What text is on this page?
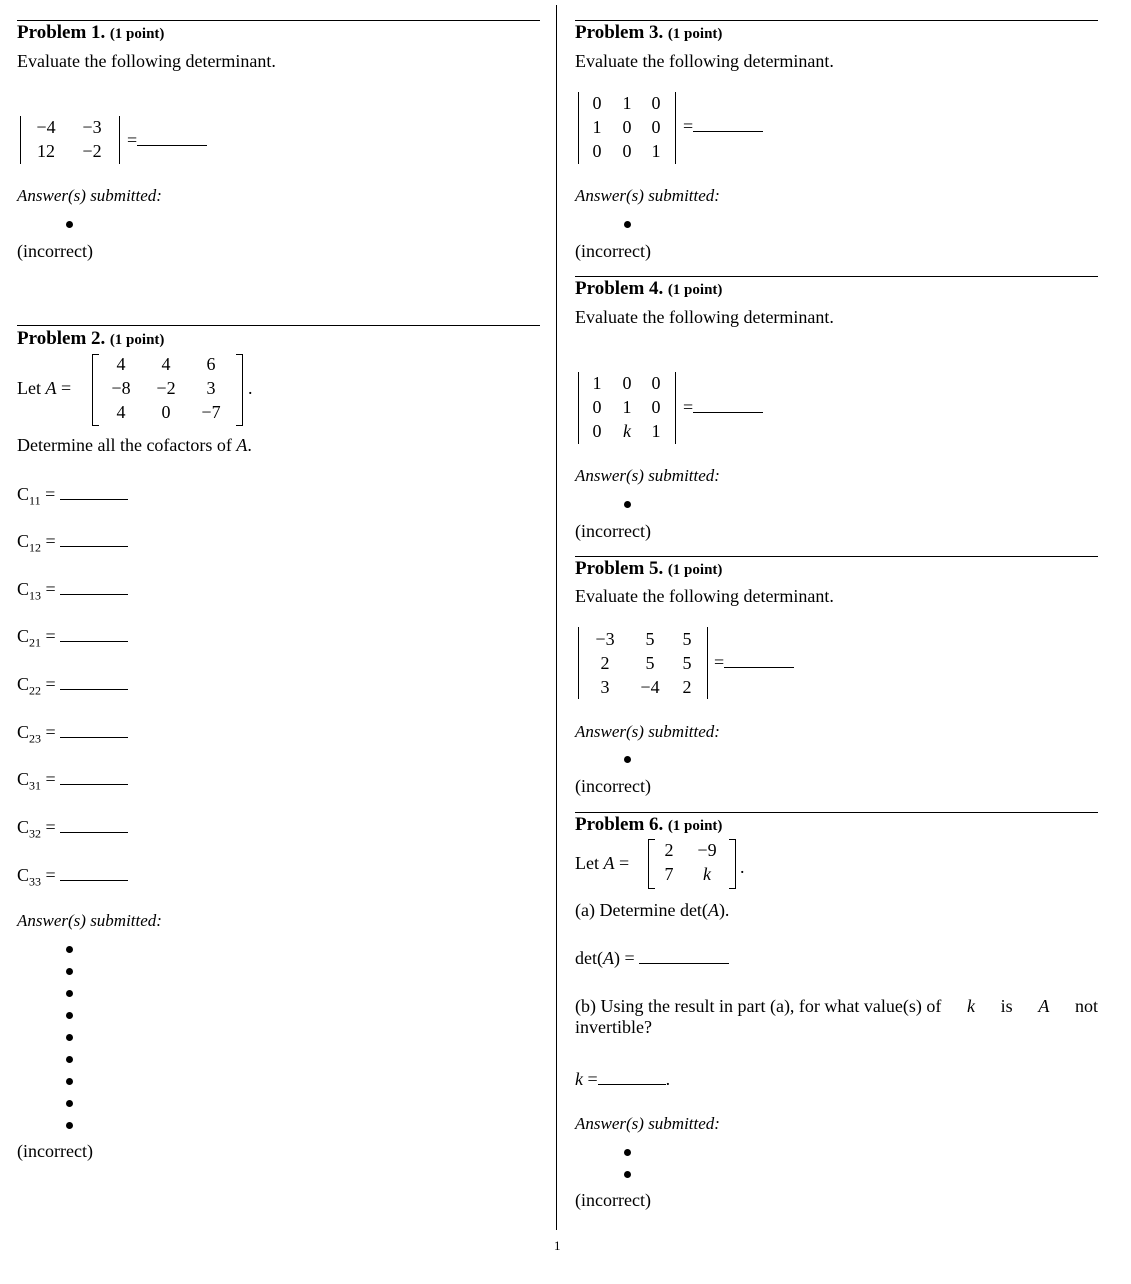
1
Problem 1. (1 point)
Evaluate the following determinant.
−4	−3
12	−2
=
Answer(s) submitted:
(incorrect)
Problem 2. (1 point)
Let A =
4	4	6
−8	−2	3
4	0	−7
.
Determine all the cofactors of A.
$C_{11}$ =
$C_{12}$ =
$C_{13}$ =
$C_{21}$ =
$C_{22}$ =
$C_{23}$ =
$C_{31}$ =
$C_{32}$ =
$C_{33}$ =
Answer(s) submitted:
(incorrect)
Problem 3. (1 point)
Evaluate the following determinant.
0	1	0
1	0	0
0	0	1
=
Answer(s) submitted:
(incorrect)
Problem 4. (1 point)
Evaluate the following determinant.
1	0	0
0	1	0
0	k	1
=
Answer(s) submitted:
(incorrect)
Problem 5. (1 point)
Evaluate the following determinant.
−3	5	5
2	5	5
3	−4	2
=
Answer(s) submitted:
(incorrect)
Problem 6. (1 point)
Let A =
2	−9
7	k	.
(a) Determine det(A).
det(A) =
(b) Using the result in part (a), for what value(s) of k is A not
invertible?
k =	.
Answer(s) submitted:
(incorrect)
